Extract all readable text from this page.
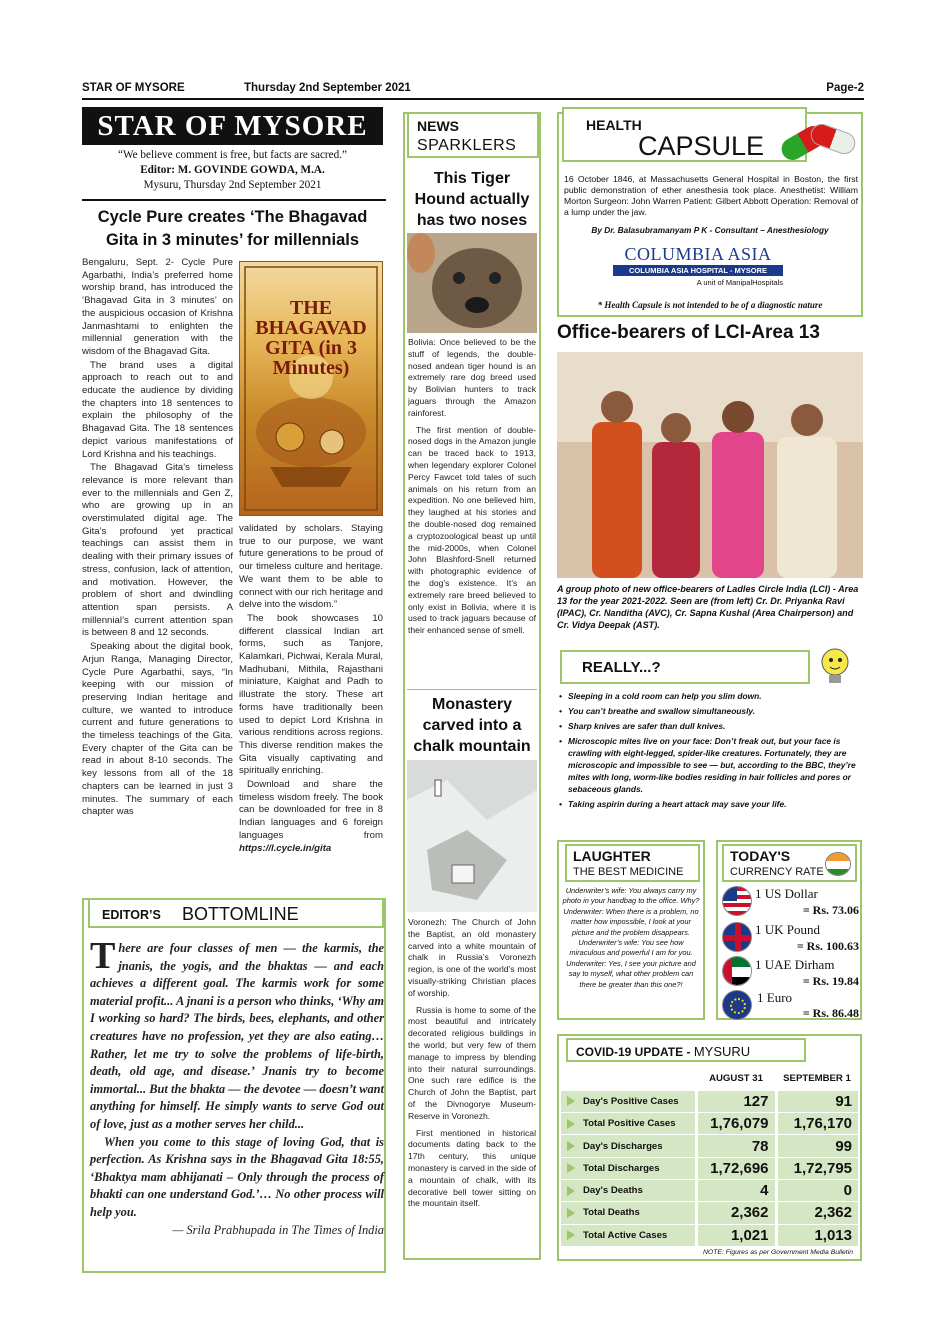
STAR OF MYSORE	Thursday 2nd September 2021	Page-2
STAR OF MYSORE
“We believe comment is free, but facts are sacred.”
Editor: M. GOVINDE GOWDA, M.A.
Mysuru, Thursday 2nd September 2021
Cycle Pure creates ‘The Bhagavad Gita in 3 minutes’ for millennials

Bengaluru, Sept. 2- Cycle Pure Agarbathi, India’s preferred home worship brand, has introduced the ‘Bhagavad Gita in 3 minutes’ on the auspicious occasion of Krishna Janmashtami to enlighten the millennial generation with the wisdom of the Bhagavad Gita.

The brand uses a digital approach to reach out to and educate the audience by dividing the chapters into 18 sentences to explain the philosophy of the Bhagavad Gita. The 18 sentences depict various manifestations of Lord Krishna and his teachings.

The Bhagavad Gita’s timeless relevance is more relevant than ever to the millennials and Gen Z, who are growing up in an overstimulated digital age. The Gita’s profound yet practical teachings can assist them in dealing with their primary issues of stress, confusion, lack of attention, and motivation. However, the problem of short and dwindling attention span persists. A millennial’s current attention span is between 8 and 12 seconds.

Speaking about the digital book, Arjun Ranga, Managing Director, Cycle Pure Agarbathi, says, “In keeping with our mission of preserving Indian heritage and culture, we wanted to introduce current and future generations to the timeless teachings of the Gita. Every chapter of the Gita can be read in about 8-10 seconds. The key lessons from all of the 18 chapters can be learned in just 3 minutes. The summary of each chapter was

THE BHAGAVAD GITA (in 3 Minutes)

validated by scholars. Staying true to our purpose, we want future generations to be proud of our timeless culture and heritage. We want them to be able to connect with our rich heritage and delve into the wisdom.”

The book showcases 10 different classical Indian art forms, such as Tanjore, Kalamkari, Pichwai, Kerala Mural, Madhubani, Mithila, Rajasthani miniature, Kaighat and Padh to illustrate the story. These art forms have traditionally been used to depict Lord Krishna in various renditions across regions. This diverse rendition makes the Gita visually captivating and spiritually enriching.

Download and share the timeless wisdom freely. The book can be downloaded for free in 8 Indian languages and 6 foreign languages from https://l.cycle.in/gita

EDITOR’S BOTTOMLINE

There are four classes of men — the karmis, the jnanis, the yogis, and the bhaktas — and each achieves a different goal. The karmis work for some material profit... A jnani is a person who thinks, ‘Why am I working so hard? The birds, bees, elephants, and other creatures have no profession, yet they are also eating… Rather, let me try to solve the problems of life-birth, death, old age, and disease.’ Jnanis try to become immortal... But the bhakta — the devotee — doesn’t want anything for himself. He simply wants to serve God out of love, just as a mother serves her child...

When you come to this stage of loving God, that is perfection. As Krishna says in the Bhagavad Gita 18:55, ‘Bhaktya mam abhijanati – Only through the process of bhakti can one understand God.’… No other process will help you.

— Srila Prabhupada in The Times of India

NEWS
SPARKLERS
This Tiger Hound actually has two noses

Bolivia: Once believed to be the stuff of legends, the double-nosed andean tiger hound is an extremely rare dog breed used by Bolivian hunters to track jaguars through the Amazon rainforest.

The first mention of double-nosed dogs in the Amazon jungle can be traced back to 1913, when legendary explorer Colonel Percy Fawcet told tales of such animals on his return from an expedition. No one believed him, they laughed at his stories and the double-nosed dog remained a cryptozoological beast up until the mid-2000s, when Colonel John Blashford-Snell returned with photographic evidence of the dog’s existence. It’s an extremely rare breed believed to only exist in Bolivia, where it is used to track jaguars because of their enhanced sense of smell.

Monastery carved into a chalk mountain

Voronezh: The Church of John the Baptist, an old monastery carved into a white mountain of chalk in Russia’s Voronezh region, is one of the world’s most visually-striking Christian places of worship.

Russia is home to some of the most beautiful and intricately decorated religious buildings in the world, but very few of them manage to impress by blending into their natural surroundings. One such rare edifice is the Church of John the Baptist, part of the Divnogorye Museum-Reserve in Voronezh.

First mentioned in historical documents dating back to the 17th century, this unique monastery is carved in the side of a mountain of chalk, with its decorative bell tower sitting on the mountain itself.

HEALTH
CAPSULE
16 October 1846, at Massachusetts General Hospital in Boston, the first public demonstration of ether anesthesia took place. Anesthetist: William Morton Surgeon: John Warren Patient: Gilbert Abbott Operation: Removal of a lump under the jaw.
By Dr. Balasubramanyam P K - Consultant – Anesthesiology
COLUMBIA ASIA
COLUMBIA ASIA HOSPITAL - MYSORE
A unit of ManipalHospitals
* Health Capsule is not intended to be of a diagnostic nature
Office-bearers of LCI-Area 13
A group photo of new office-bearers of Ladles Circle India (LCI) - Area 13 for the year 2021-2022. Seen are (from left) Cr. Dr. Priyanka Ravi (IPAC), Cr. Nanditha (AVC), Cr. Sapna Kushal (Area Chairperson) and Cr. Vidya Deepak (AST).
REALLY...?
• Sleeping in a cold room can help you slim down.
• You can’t breathe and swallow simultaneously.
• Sharp knives are safer than dull knives.
• Microscopic mites live on your face: Don’t freak out, but your face is crawling with eight-legged, spider-like creatures. Fortunately, they are microscopic and impossible to see — but, according to the BBC, they’re mites with long, worm-like bodies residing in hair follicles and pores or sebaceous glands.
• Taking aspirin during a heart attack may save your life.
LAUGHTER
THE BEST MEDICINE
Underwriter’s wife: You always carry my photo in your handbag to the office. Why? Underwriter: When there is a problem, no matter how impossible, I look at your picture and the problem disappears. Underwriter’s wife: You see how miraculous and powerful I am for you. Underwriter: Yes, I see your picture and say to myself, what other problem can there be greater than this one?!
TODAY'S
CURRENCY RATE
1 US Dollar
= Rs. 73.06
1 UK Pound
= Rs. 100.63
1 UAE Dirham
= Rs. 19.84
1 Euro
= Rs. 86.48
COVID-19 UPDATE - MYSURU
	AUGUST 31	SEPTEMBER 1
Day's Positive Cases	127	91
Total Positive Cases	1,76,079	1,76,170
Day's Discharges	78	99
Total Discharges	1,72,696	1,72,795
Day's Deaths	4	0
Total Deaths	2,362	2,362
Total Active Cases	1,021	1,013
NOTE: Figures as per Government Media Bulletin
